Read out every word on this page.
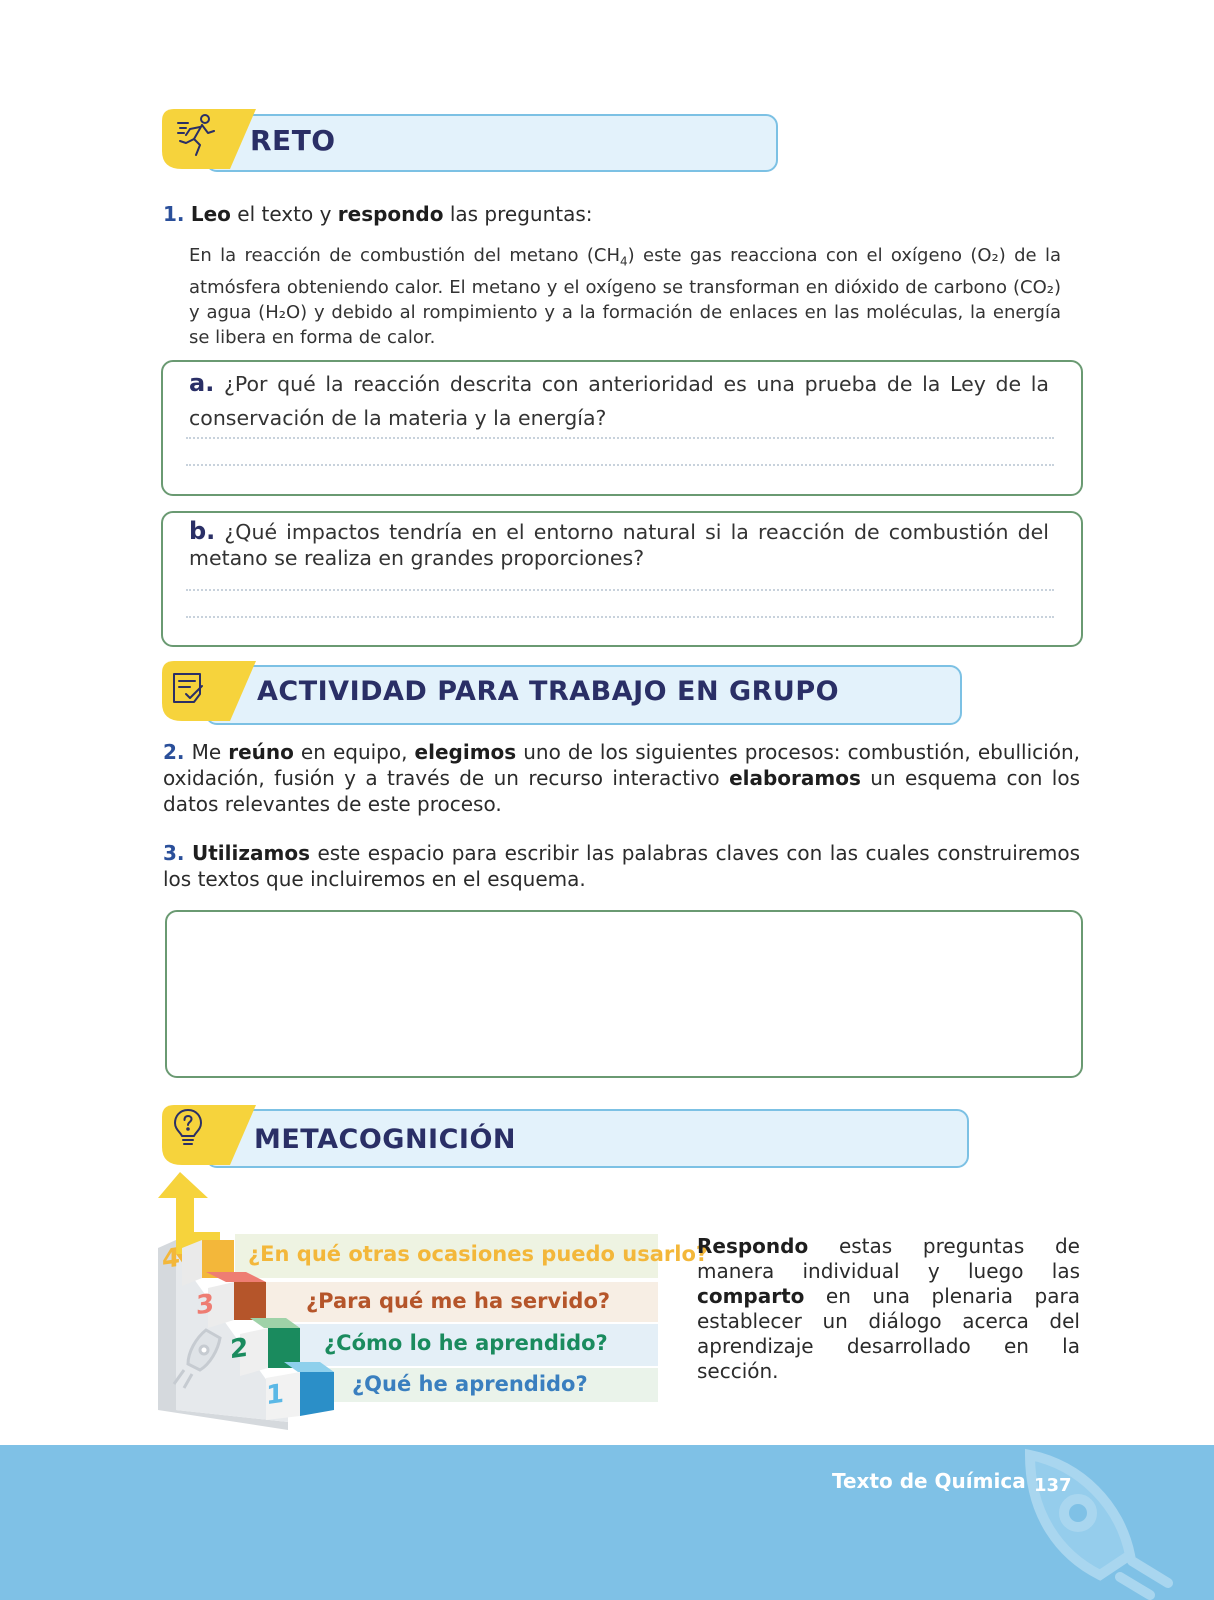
RETO
1. Leo el texto y respondo las preguntas:
En la reacción de combustión del metano $(CH_4)$ este gas reacciona con el oxígeno (O₂) de la atmósfera obteniendo calor. El metano y el oxígeno se transforman en dióxido de carbono (CO₂) y agua (H₂O) y debido al rompimiento y a la formación de enlaces en las moléculas, la energía se libera en forma de calor.
a. ¿Por qué la reacción descrita con anterioridad es una prueba de la Ley de la conservación de la materia y la energía?
b. ¿Qué impactos tendría en el entorno natural si la reacción de combustión del metano se realiza en grandes proporciones?
ACTIVIDAD PARA TRABAJO EN GRUPO
2. Me reúno en equipo, elegimos uno de los siguientes procesos: combustión, ebullición, oxidación, fusión y a través de un recurso interactivo elaboramos un esquema con los datos relevantes de este proceso.
3. Utilizamos este espacio para escribir las palabras claves con las cuales construiremos los textos que incluiremos en el esquema.
METACOGNICIÓN
4
3
2
1
¿En qué otras ocasiones puedo usarlo?
¿Para qué me ha servido?
¿Cómo lo he aprendido?
¿Qué he aprendido?
Respondo estas preguntas de manera individual y luego las comparto en una plenaria para establecer un diálogo acerca del aprendizaje desarrollado en la sección.
Texto de Química 137
